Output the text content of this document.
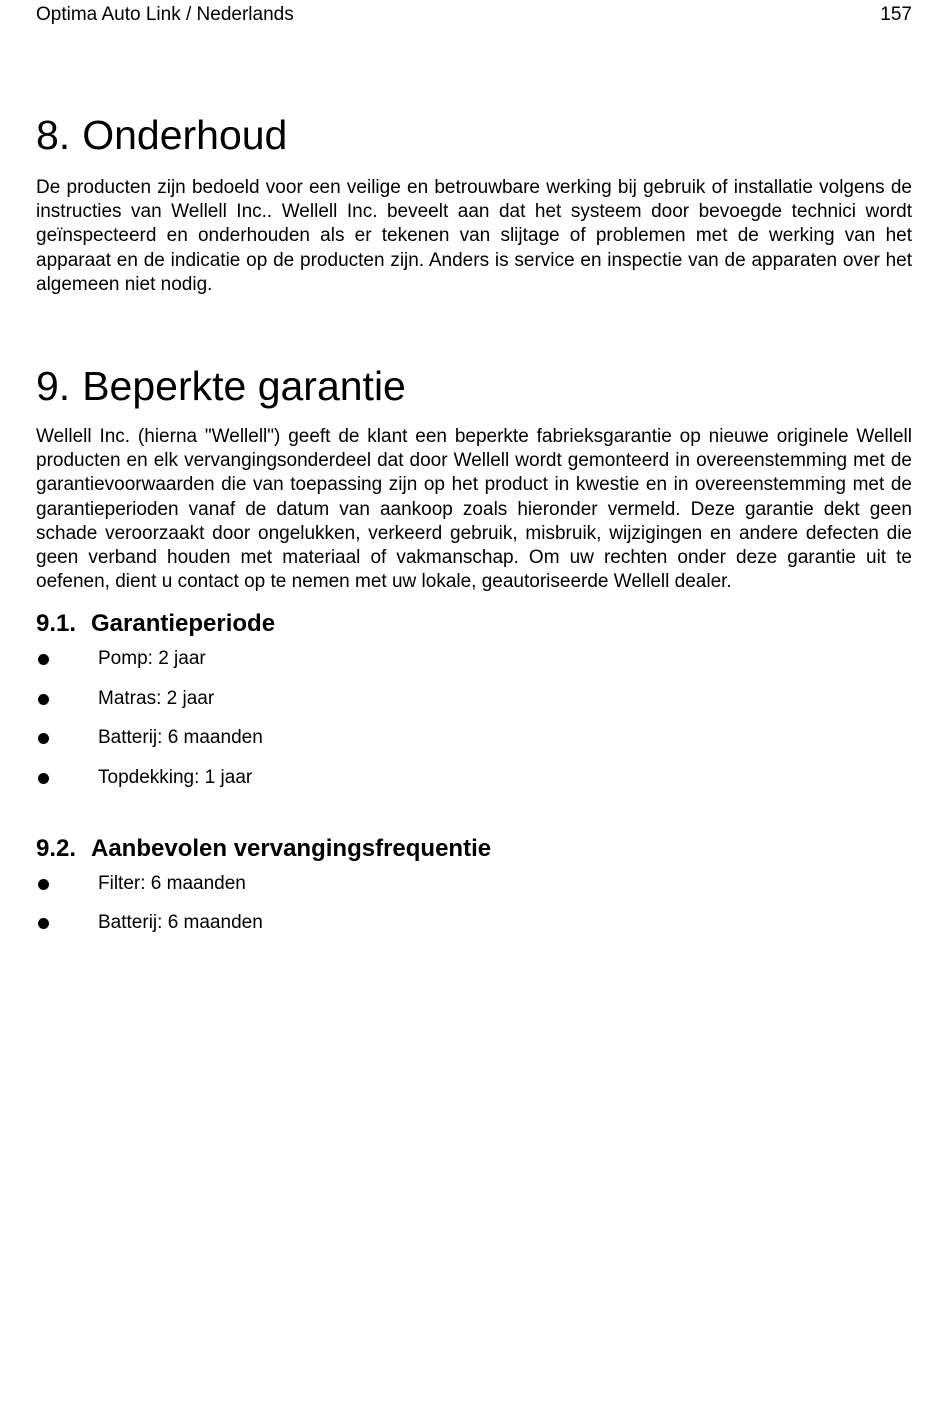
Optima Auto Link / Nederlands	157
8. Onderhoud

De producten zijn bedoeld voor een veilige en betrouwbare werking bij gebruik of installatie volgens de instructies van Wellell Inc.. Wellell Inc. beveelt aan dat het systeem door bevoegde technici wordt geïnspecteerd en onderhouden als er tekenen van slijtage of problemen met de werking van het apparaat en de indicatie op de producten zijn. Anders is service en inspectie van de apparaten over het algemeen niet nodig.

9. Beperkte garantie

Wellell Inc. (hierna "Wellell") geeft de klant een beperkte fabrieksgarantie op nieuwe originele Wellell producten en elk vervangingsonderdeel dat door Wellell wordt gemonteerd in overeenstemming met de garantievoorwaarden die van toepassing zijn op het product in kwestie en in overeenstemming met de garantieperioden vanaf de datum van aankoop zoals hieronder vermeld. Deze garantie dekt geen schade veroorzaakt door ongelukken, verkeerd gebruik, misbruik, wijzigingen en andere defecten die geen verband houden met materiaal of vakmanschap. Om uw rechten onder deze garantie uit te oefenen, dient u contact op te nemen met uw lokale, geautoriseerde Wellell dealer.

9.1. Garantieperiode
Pomp: 2 jaar
Matras: 2 jaar
Batterij: 6 maanden
Topdekking: 1 jaar
9.2. Aanbevolen vervangingsfrequentie
Filter: 6 maanden
Batterij: 6 maanden
